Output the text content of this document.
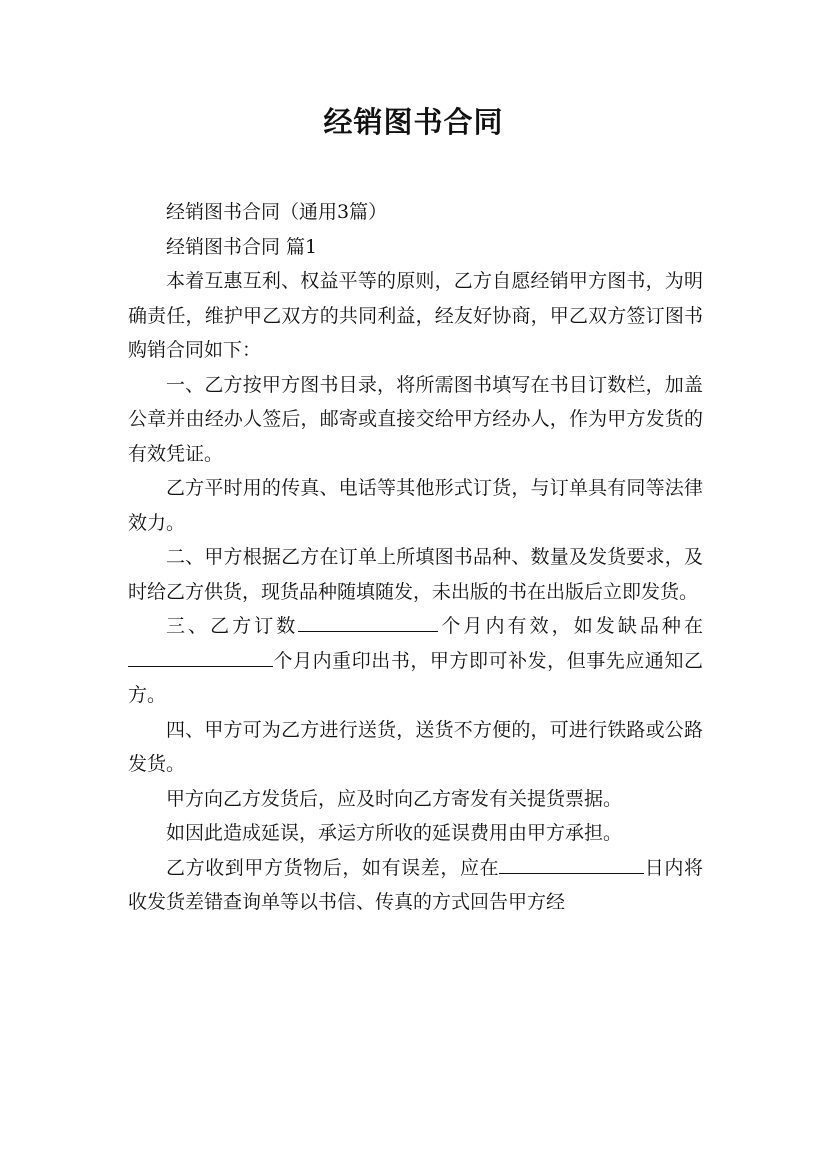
经销图书合同

经销图书合同（通用3篇）

经销图书合同 篇1

本着互惠互利、权益平等的原则，乙方自愿经销甲方图书，为明确责任，维护甲乙双方的共同利益，经友好协商，甲乙双方签订图书购销合同如下：

一、乙方按甲方图书目录，将所需图书填写在书目订数栏，加盖公章并由经办人签后，邮寄或直接交给甲方经办人，作为甲方发货的有效凭证。

乙方平时用的传真、电话等其他形式订货，与订单具有同等法律效力。

二、甲方根据乙方在订单上所填图书品种、数量及发货要求，及时给乙方供货，现货品种随填随发，未出版的书在出版后立即发货。

三、乙方订数	个月内有效，如发缺品种在个月内重印出书，甲方即可补发，但事先应通知乙方。

四、甲方可为乙方进行送货，送货不方便的，可进行铁路或公路发货。

甲方向乙方发货后，应及时向乙方寄发有关提货票据。

如因此造成延误，承运方所收的延误费用由甲方承担。

乙方收到甲方货物后，如有误差，应在	日内将收发货差错查询单等以书信、传真的方式回告甲方经
